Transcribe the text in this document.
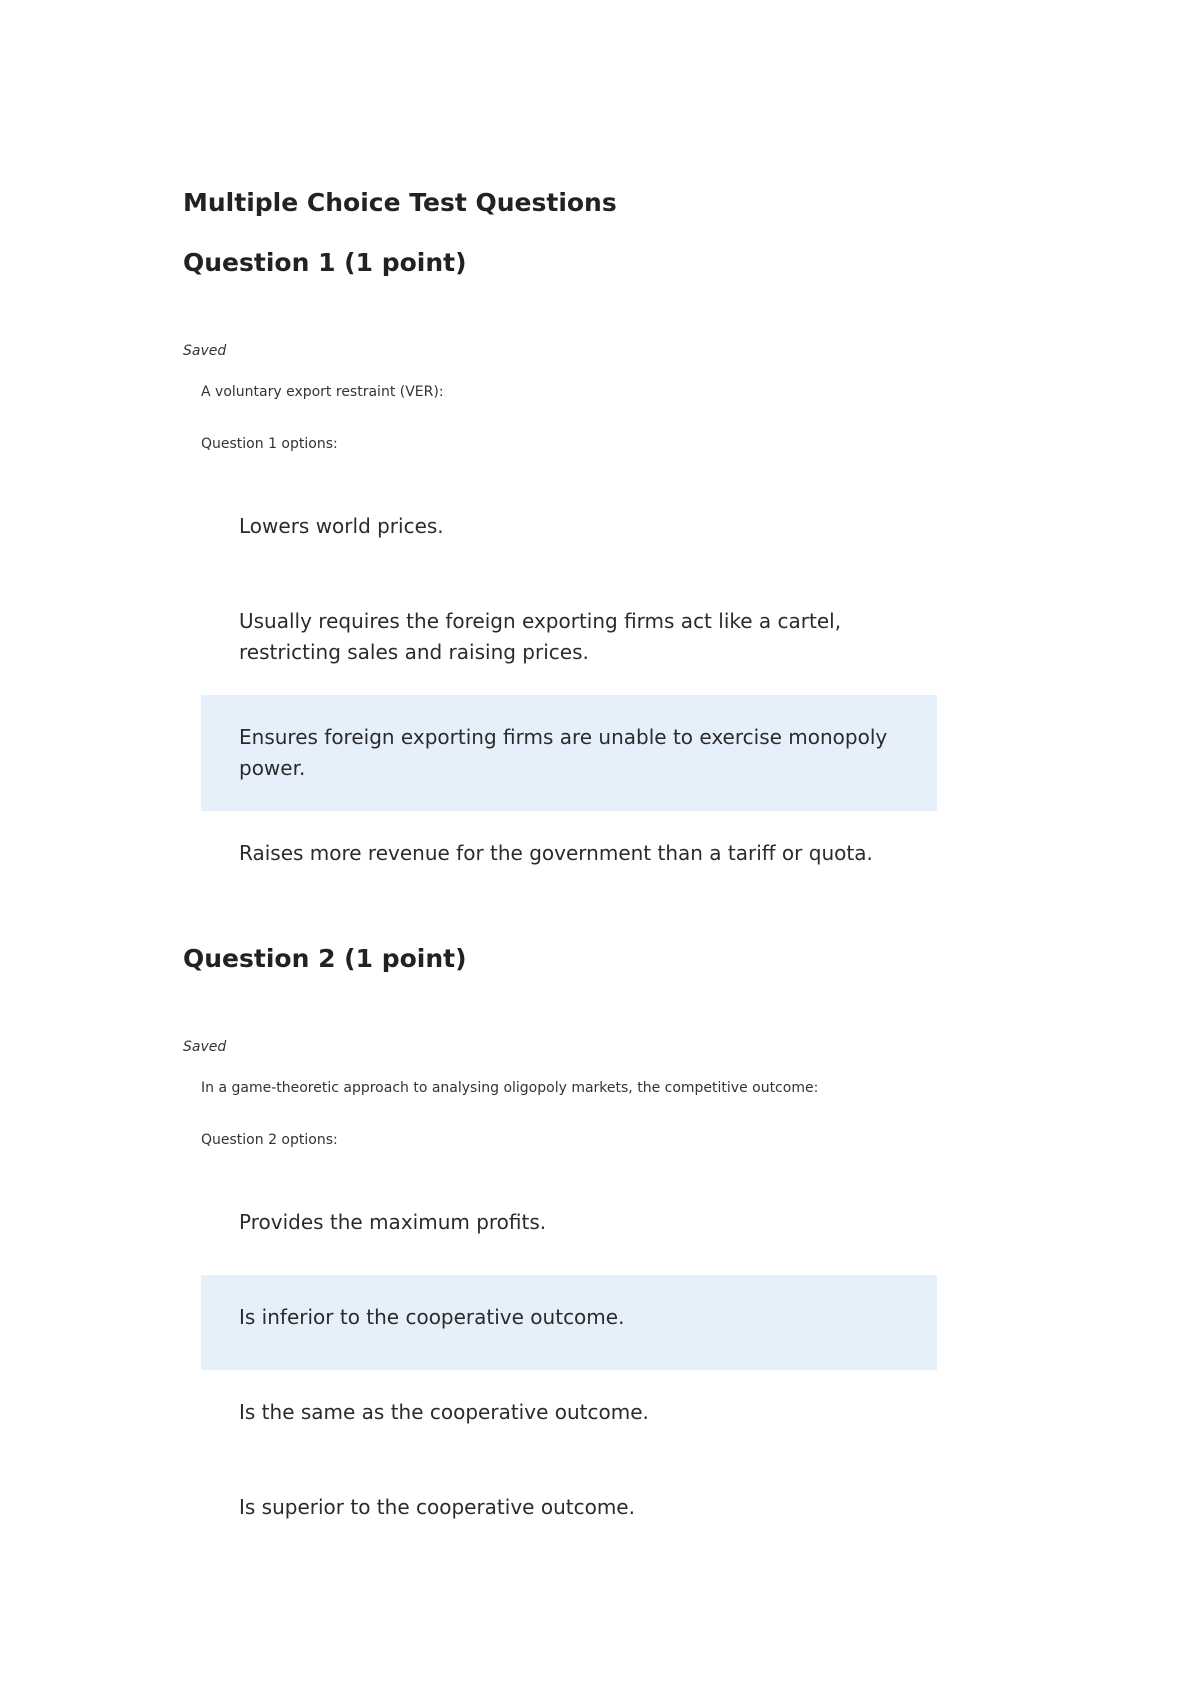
Multiple Choice Test Questions
Question 1 (1 point)
Saved
A voluntary export restraint (VER):
Question 1 options:
Lowers world prices.
Usually requires the foreign exporting firms act like a cartel, restricting sales and raising prices.
Ensures foreign exporting firms are unable to exercise monopoly power.
Raises more revenue for the government than a tariff or quota.
Question 2 (1 point)
Saved
In a game-theoretic approach to analysing oligopoly markets, the competitive outcome:
Question 2 options:
Provides the maximum profits.
Is inferior to the cooperative outcome.
Is the same as the cooperative outcome.
Is superior to the cooperative outcome.
